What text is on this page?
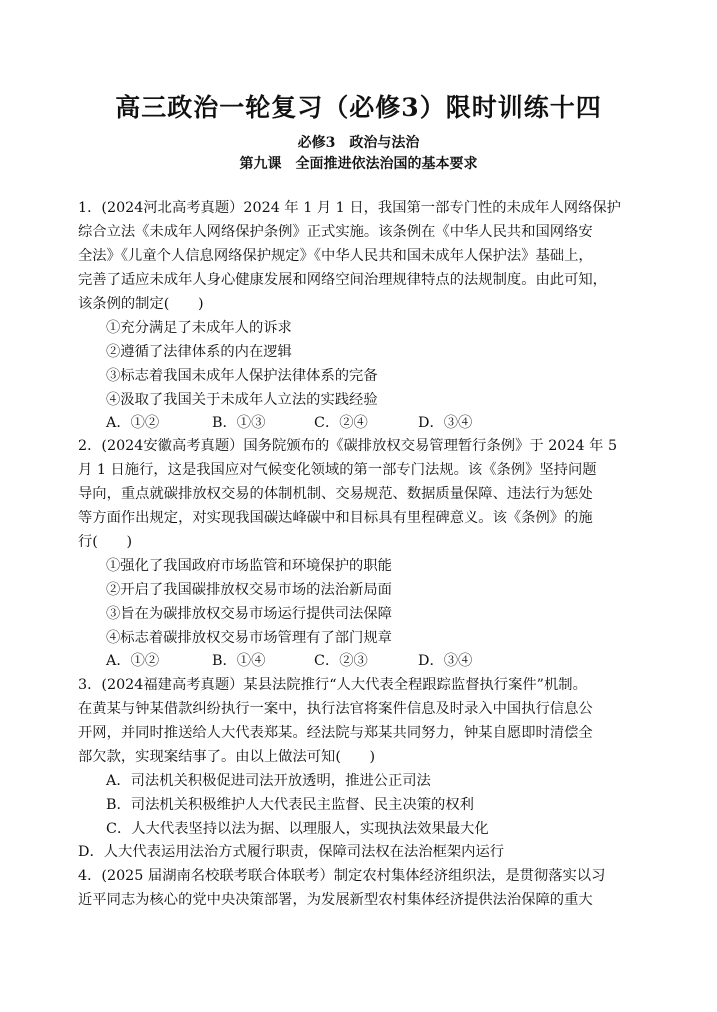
高三政治一轮复习（必修3）限时训练十四
必修3　政治与法治
第九课　全面推进依法治国的基本要求
1．(2024河北高考真题）2024 年 1 月 1 日，我国第一部专门性的未成年人网络保护
综合立法《未成年人网络保护条例》正式实施。该条例在《中华人民共和国网络安
全法》《儿童个人信息网络保护规定》《中华人民共和国未成年人保护法》基础上，
完善了适应未成年人身心健康发展和网络空间治理规律特点的法规制度。由此可知，
该条例的制定(　　)
①充分满足了未成年人的诉求
②遵循了法律体系的内在逻辑
③标志着我国未成年人保护法律体系的完备
④汲取了我国关于未成年人立法的实践经验
A．①②	B．①③	C．②④	D．③④
2．(2024安徽高考真题）国务院颁布的《碳排放权交易管理暂行条例》于 2024 年 5
月 1 日施行，这是我国应对气候变化领域的第一部专门法规。该《条例》坚持问题
导向，重点就碳排放权交易的体制机制、交易规范、数据质量保障、违法行为惩处
等方面作出规定，对实现我国碳达峰碳中和目标具有里程碑意义。该《条例》的施
行(　　)
①强化了我国政府市场监管和环境保护的职能
②开启了我国碳排放权交易市场的法治新局面
③旨在为碳排放权交易市场运行提供司法保障
④标志着碳排放权交易市场管理有了部门规章
A．①②	B．①④	C．②③	D．③④
3．(2024福建高考真题）某县法院推行“人大代表全程跟踪监督执行案件”机制。
在黄某与钟某借款纠纷执行一案中，执行法官将案件信息及时录入中国执行信息公
开网，并同时推送给人大代表郑某。经法院与郑某共同努力，钟某自愿即时清偿全
部欠款，实现案结事了。由以上做法可知(　　)
A．司法机关积极促进司法开放透明，推进公正司法
B．司法机关积极维护人大代表民主监督、民主决策的权利
C．人大代表坚持以法为据、以理服人，实现执法效果最大化
D．人大代表运用法治方式履行职责，保障司法权在法治框架内运行
4．(2025 届湖南名校联考联合体联考）制定农村集体经济组织法，是贯彻落实以习
近平同志为核心的党中央决策部署，为发展新型农村集体经济提供法治保障的重大
